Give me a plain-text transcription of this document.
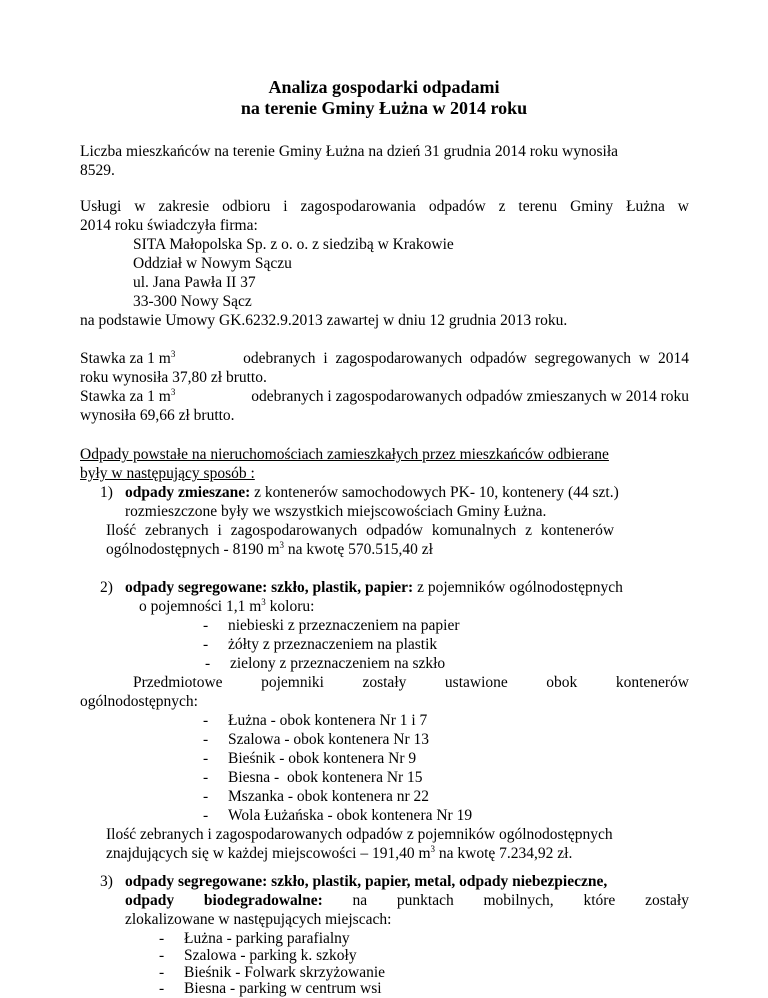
Analiza gospodarki odpadami
na terenie Gminy Łużna w 2014 roku
Liczba mieszkańców na terenie Gminy Łużna na dzień 31 grudnia 2014 roku wynosiła
8529.
Usługi w zakresie odbioru i zagospodarowania odpadów z terenu Gminy Łużna w
2014 roku świadczyła firma:
SITA Małopolska Sp. z o. o. z siedzibą w Krakowie
Oddział w Nowym Sączu
ul. Jana Pawła II 37
33-300 Nowy Sącz
na podstawie Umowy GK.6232.9.2013 zawartej w dniu 12 grudnia 2013 roku.
Stawka za 1 $m^3$	odebranych i zagospodarowanych odpadów segregowanych w 2014
roku wynosiła 37,80 zł brutto.
Stawka za 1 $m^3$	odebranych i zagospodarowanych odpadów zmieszanych w 2014 roku
wynosiła 69,66 zł brutto.
Odpady powstałe na nieruchomościach zamieszkałych przez mieszkańców odbierane
były w następujący sposób :
1) odpady zmieszane: z kontenerów samochodowych PK- 10, kontenery (44 szt.)
rozmieszczone były we wszystkich miejscowościach Gminy Łużna.
Ilość zebranych i zagospodarowanych odpadów komunalnych z kontenerów
ogólnodostępnych - 8190 $m^3$ na kwotę 570.515,40 zł
2) odpady segregowane: szkło, plastik, papier: z pojemników ogólnodostępnych
o pojemności 1,1 $m^3$ koloru:
- niebieski z przeznaczeniem na papier
- żółty z przeznaczeniem na plastik
- zielony z przeznaczeniem na szkło
Przedmiotowe pojemniki zostały ustawione obok kontenerów
ogólnodostępnych:
- Łużna - obok kontenera Nr 1 i 7
- Szalowa - obok kontenera Nr 13
- Bieśnik - obok kontenera Nr 9
- Biesna -  obok kontenera Nr 15
- Mszanka - obok kontenera nr 22
- Wola Łużańska - obok kontenera Nr 19
Ilość zebranych i zagospodarowanych odpadów z pojemników ogólnodostępnych
znajdujących się w każdej miejscowości – 191,40 $m^3$ na kwotę 7.234,92 zł.
3) odpady segregowane: szkło, plastik, papier, metal, odpady niebezpieczne,
odpady biodegradowalne: na punktach mobilnych, które zostały
zlokalizowane w następujących miejscach:
- Łużna - parking parafialny
- Szalowa - parking k. szkoły
- Bieśnik - Folwark skrzyżowanie
- Biesna - parking w centrum wsi
